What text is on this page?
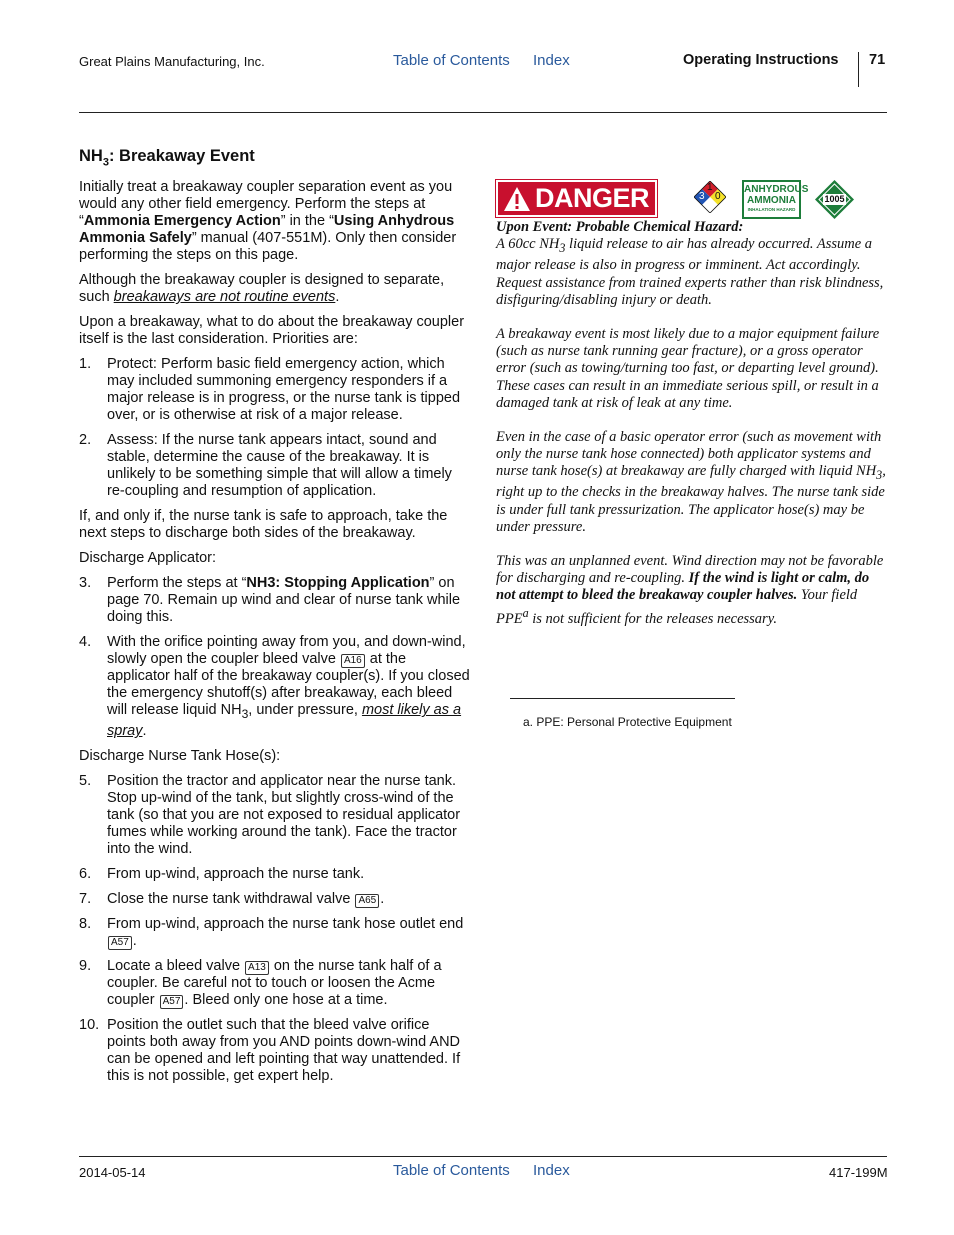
Great Plains Manufacturing, Inc.	Table of Contents Index	Operating Instructions 71
$NH_3$: Breakaway Event

Initially treat a breakaway coupler separation event as you would any other field emergency. Perform the steps at “Ammonia Emergency Action” in the “Using Anhydrous Ammonia Safely” manual (407-551M). Only then consider performing the steps on this page.

Although the breakaway coupler is designed to separate, such breakaways are not routine events.

Upon a breakaway, what to do about the breakaway coupler itself is the last consideration. Priorities are:

1.	Protect: Perform basic field emergency action, which may included summoning emergency responders if a major release is in progress, or the nurse tank is tipped over, or is otherwise at risk of a major release.
2.	Assess: If the nurse tank appears intact, sound and stable, determine the cause of the breakaway. It is unlikely to be something simple that will allow a timely re-coupling and resumption of application.

If, and only if, the nurse tank is safe to approach, take the next steps to discharge both sides of the breakaway.

Discharge Applicator:

3.	Perform the steps at “NH3: Stopping Application” on page 70. Remain up wind and clear of nurse tank while doing this.
4.	With the orifice pointing away from you, and down-wind, slowly open the coupler bleed valve A16 at the applicator half of the breakaway coupler(s). If you closed the emergency shutoff(s) after breakaway, each bleed will release liquid $NH_3$, under pressure, most likely as a spray.

Discharge Nurse Tank Hose(s):

5.	Position the tractor and applicator near the nurse tank. Stop up-wind of the tank, but slightly cross-wind of the tank (so that you are not exposed to residual applicator fumes while working around the tank). Face the tractor into the wind.
6.	From up-wind, approach the nurse tank.
7.	Close the nurse tank withdrawal valve A65 .
8.	From up-wind, approach the nurse tank hose outlet end A57 .
9.	Locate a bleed valve A13 on the nurse tank half of a coupler. Be careful not to touch or loosen the Acme coupler A57 . Bleed only one hose at a time.
10. Position the outlet such that the bleed valve orifice points both away from you AND points down-wind AND can be opened and left pointing that way unattended. If this is not possible, get expert help.
DANGER	1
3 0
ANHYDROUS
AMMONIA
INHALATION HAZARD
1005
Upon Event: Probable Chemical Hazard:

A 60cc $NH_3$ liquid release to air has already occurred. Assume a major release is also in progress or imminent. Act accordingly. Request assistance from trained experts rather than risk blindness, disfiguring/disabling injury or death.

A breakaway event is most likely due to a major equipment failure (such as nurse tank running gear fracture), or a gross operator error (such as towing/turning too fast, or departing level ground). These cases can result in an immediate serious spill, or result in a damaged tank at risk of leak at any time.

Even in the case of a basic operator error (such as movement with only the nurse tank hose connected) both applicator systems and nurse tank hose(s) at breakaway are fully charged with liquid $NH_3$, right up to the checks in the breakaway halves. The nurse tank side is under full tank pressurization. The applicator hose(s) may be under pressure.

This was an unplanned event. Wind direction may not be favorable for discharging and re-coupling. If the wind is light or calm, do not attempt to bleed the breakaway coupler halves. Your field PPE$^a$ is not sufficient for the releases necessary.

a. PPE: Personal Protective Equipment
2014-05-14	Table of Contents Index	417-199M
